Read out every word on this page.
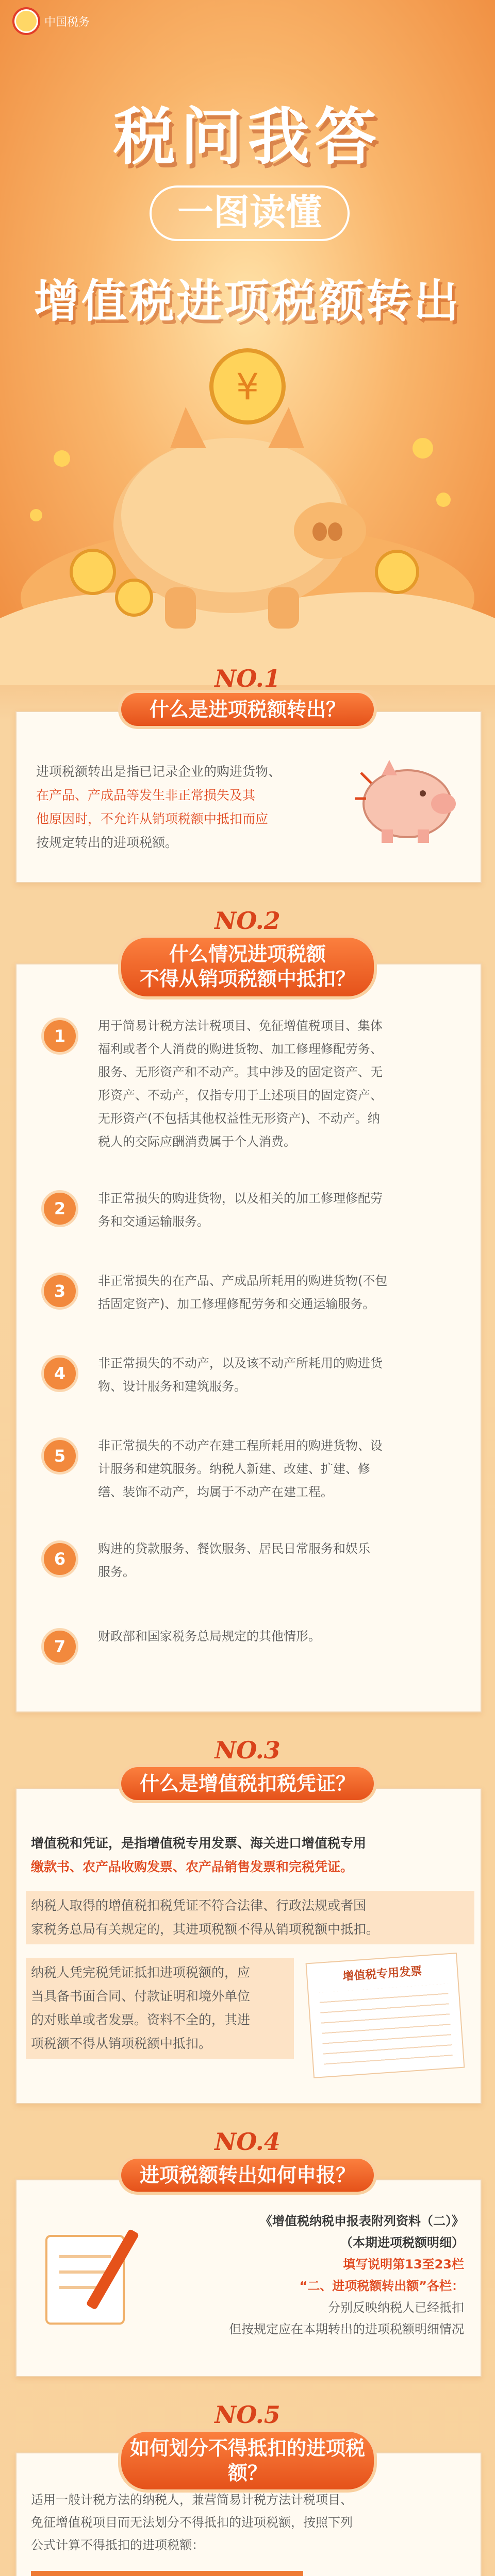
中国税务
税问我答
一图读懂
增值税进项税额转出
¥
NO.1
什么是进项税额转出？
进项税额转出是指已记录企业的购进货物、
在产品、产成品等发生非正常损失及其
他原因时，不允许从销项税额中抵扣而应
按规定转出的进项税额。
NO.2
什么情况进项税额
不得从销项税额中抵扣？
1
用于简易计税方法计税项目、免征增值税项目、集体
福利或者个人消费的购进货物、加工修理修配劳务、
服务、无形资产和不动产。其中涉及的固定资产、无
形资产、不动产，仅指专用于上述项目的固定资产、
无形资产(不包括其他权益性无形资产)、不动产。纳
税人的交际应酬消费属于个人消费。
2
非正常损失的购进货物，以及相关的加工修理修配劳
务和交通运输服务。
3
非正常损失的在产品、产成品所耗用的购进货物(不包
括固定资产)、加工修理修配劳务和交通运输服务。
4
非正常损失的不动产，以及该不动产所耗用的购进货
物、设计服务和建筑服务。
5
非正常损失的不动产在建工程所耗用的购进货物、设
计服务和建筑服务。纳税人新建、改建、扩建、修
缮、装饰不动产，均属于不动产在建工程。
6
购进的贷款服务、餐饮服务、居民日常服务和娱乐
服务。
7
财政部和国家税务总局规定的其他情形。
NO.3
什么是增值税扣税凭证？
增值税和凭证，是指增值税专用发票、海关进口增值税专用
缴款书、农产品收购发票、农产品销售发票和完税凭证。
纳税人取得的增值税扣税凭证不符合法律、行政法规或者国
家税务总局有关规定的，其进项税额不得从销项税额中抵扣。
纳税人凭完税凭证抵扣进项税额的，应
当具备书面合同、付款证明和境外单位
的对账单或者发票。资料不全的，其进
项税额不得从销项税额中抵扣。
增值税专用发票
NO.4
进项税额转出如何申报？
《增值税纳税申报表附列资料（二）》
（本期进项税额明细）
填写说明第13至23栏
“二、进项税额转出额”各栏：
分别反映纳税人已经抵扣
但按规定应在本期转出的进项税额明细情况
NO.5
如何划分不得抵扣的进项税额？
适用一般计税方法的纳税人，兼营简易计税方法计税项目、
免征增值税项目而无法划分不得抵扣的进项税额，按照下列
公式计算不得抵扣的进项税额：
